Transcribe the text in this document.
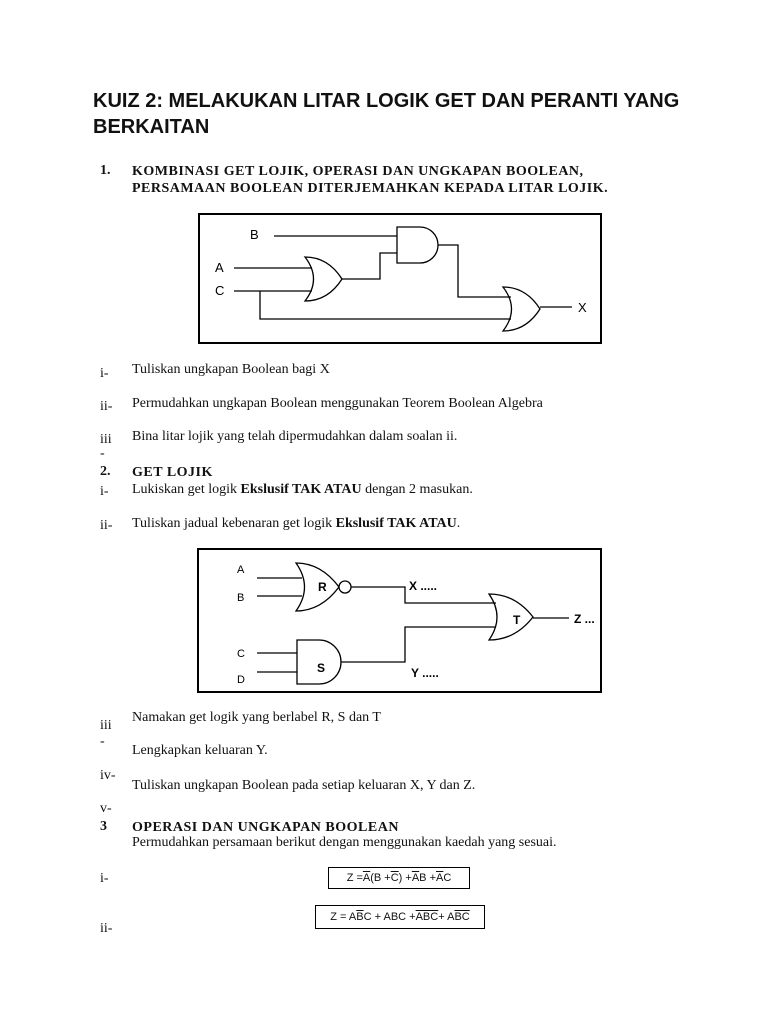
KUIZ 2: MELAKUKAN LITAR LOGIK GET DAN PERANTI YANG
BERKAITAN
1. KOMBINASI GET LOJIK, OPERASI DAN UNGKAPAN BOOLEAN,
PERSAMAAN BOOLEAN DITERJEMAHKAN KEPADA LITAR LOJIK.
B
A
C
X
i- Tuliskan ungkapan Boolean bagi X
ii- Permudahkan ungkapan Boolean menggunakan Teorem Boolean Algebra
iii
-
Bina litar lojik yang telah dipermudahkan dalam soalan ii.
2. GET LOJIK
i- Lukiskan get logik Ekslusif TAK ATAU dengan 2 masukan.
ii- Tuliskan jadual kebenaran get logik Ekslusif TAK ATAU.
A
B
C
D
R
S
T
X .....
Y .....
Z ...
iii
-
Namakan get logik yang berlabel R, S dan T
Lengkapkan keluaran Y.
iv-
Tuliskan ungkapan Boolean pada setiap keluaran X, Y dan Z.
v-
3 OPERASI DAN UNGKAPAN BOOLEAN
Permudahkan persamaan berikut dengan menggunakan kaedah yang sesuai.
i-	$Z = \overline{A}$ ($B + \overline{C}$ ) + $\overline{A}$ $B + \overline{A}$ C
ii-
Z = A $\overline{B}$ C + ABC + $\overline{ABC} + A$ $\overline{BC}$
